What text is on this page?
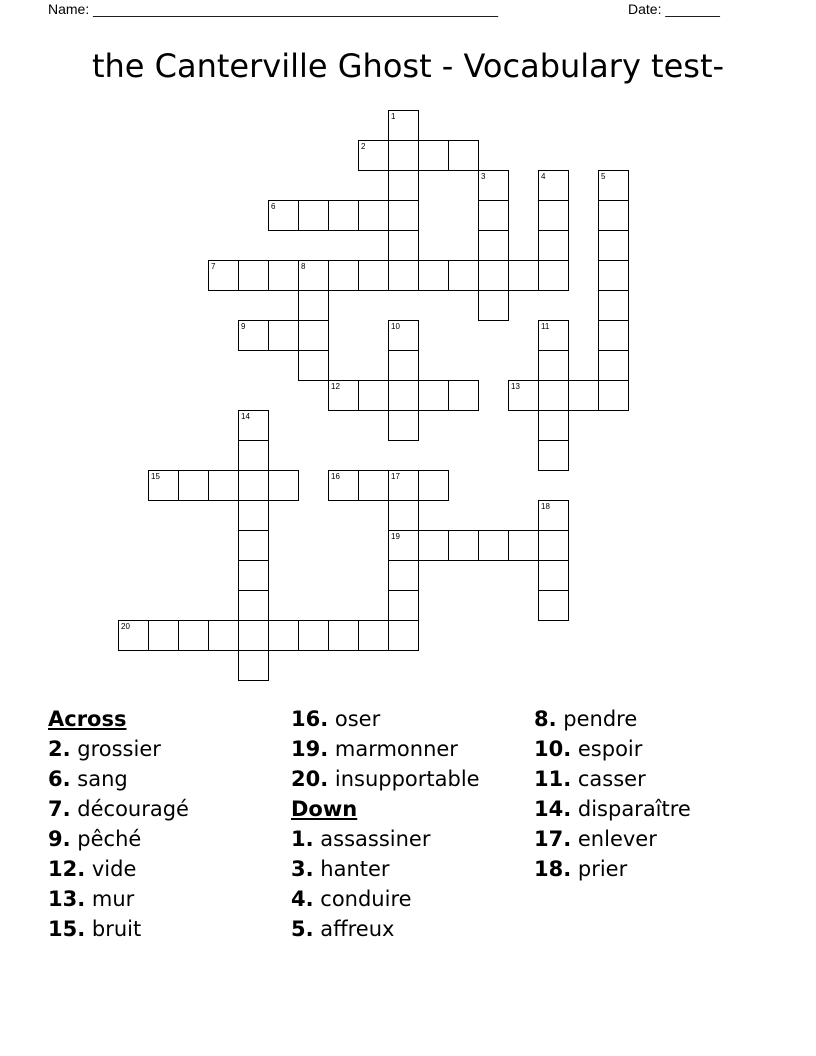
Name: ____________________________________________________	Date: _______
the Canterville Ghost - Vocabulary test-
1
2
3	4	5
6
7	8
9	10	11
12	13
14
15	16	17
19
18
20
Across
2. grossier
6. sang
7. découragé
9. pêché
12. vide
13. mur
15. bruit
16. oser
19. marmonner
20. insupportable
Down
1. assassiner
3. hanter
4. conduire
5. affreux
8. pendre
10. espoir
11. casser
14. disparaître
17. enlever
18. prier
